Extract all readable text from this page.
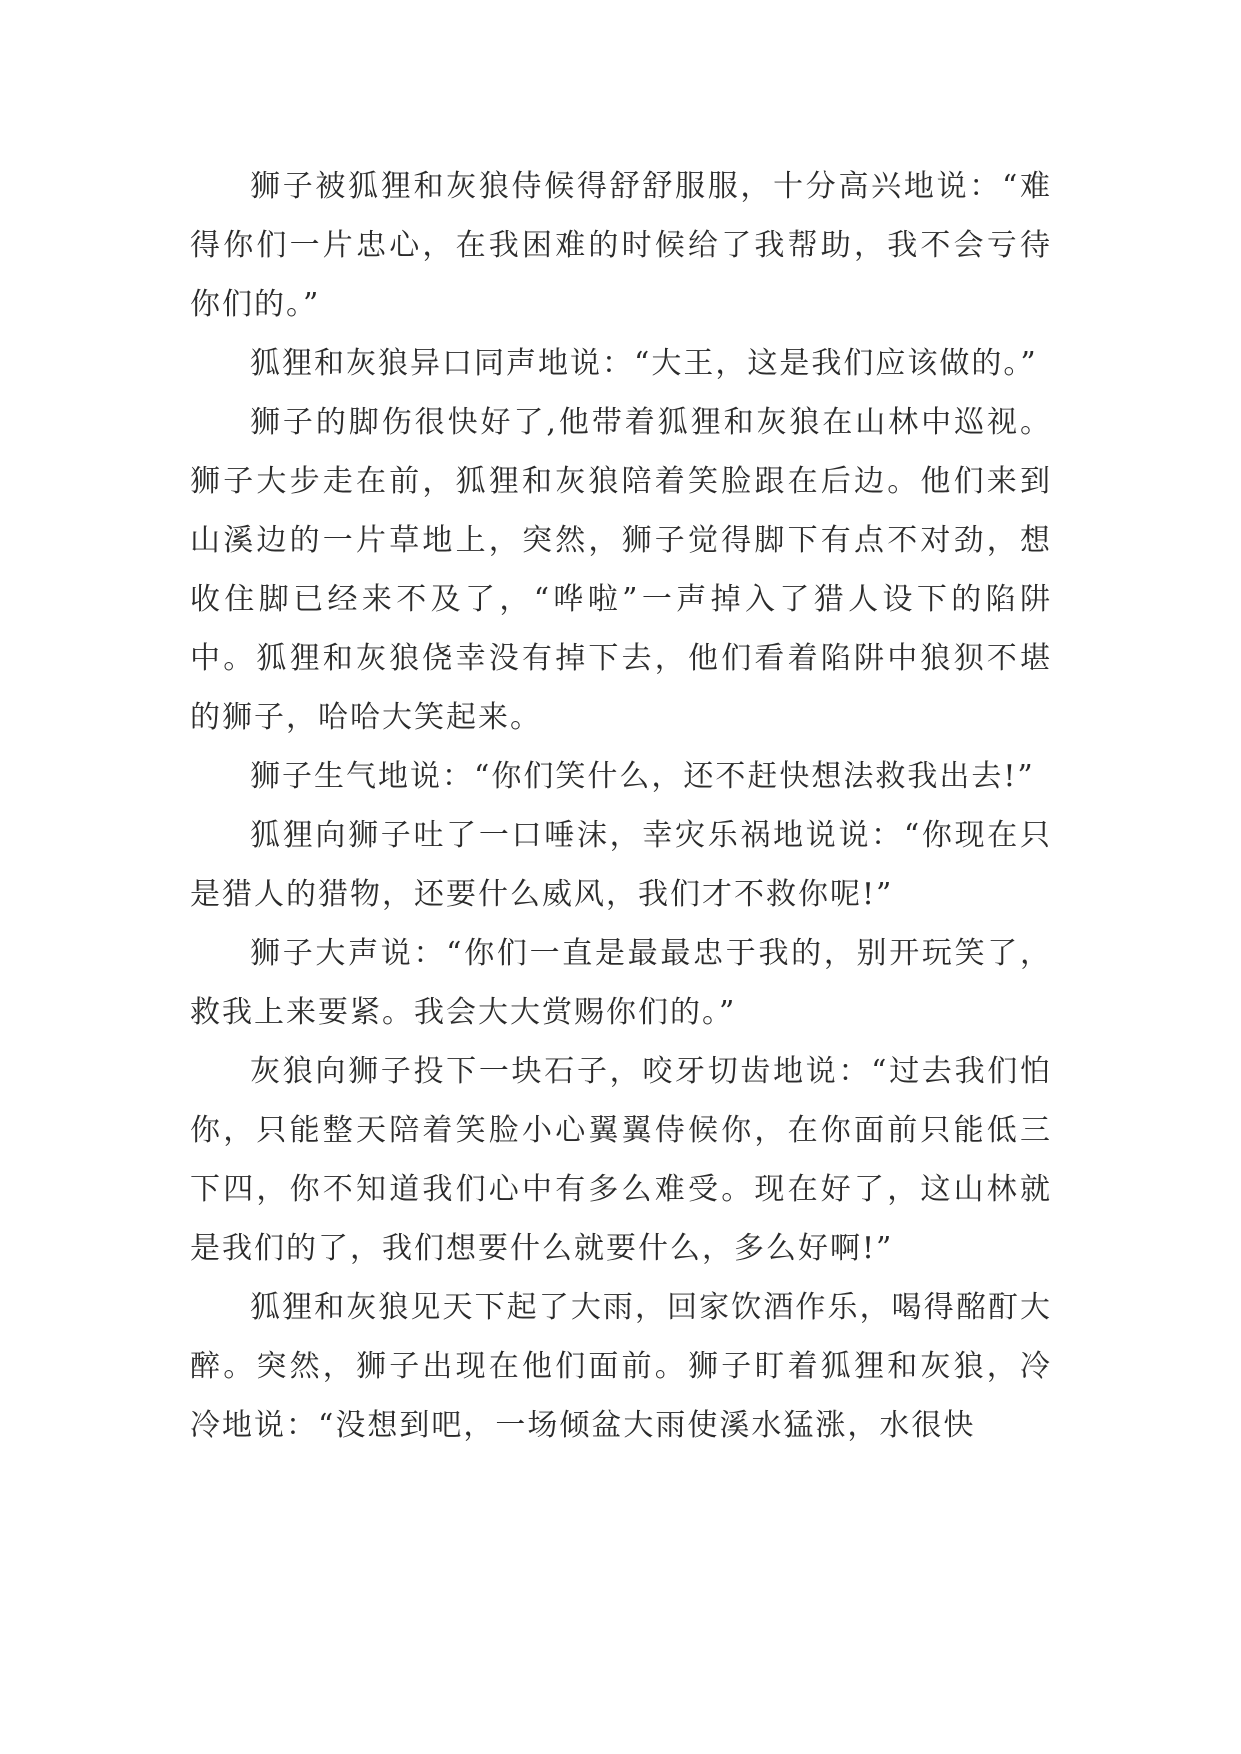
狮子被狐狸和灰狼侍候得舒舒服服，十分高兴地说：“难得你们一片忠心，在我困难的时候给了我帮助，我不会亏待你们的。”

狐狸和灰狼异口同声地说：“大王，这是我们应该做的。”

狮子的脚伤很快好了,他带着狐狸和灰狼在山林中巡视。狮子大步走在前，狐狸和灰狼陪着笑脸跟在后边。他们来到山溪边的一片草地上，突然，狮子觉得脚下有点不对劲，想收住脚已经来不及了，“哗啦”一声掉入了猎人设下的陷阱中。狐狸和灰狼侥幸没有掉下去，他们看着陷阱中狼狈不堪的狮子，哈哈大笑起来。

狮子生气地说：“你们笑什么，还不赶快想法救我出去!”

狐狸向狮子吐了一口唾沫，幸灾乐祸地说说：“你现在只是猎人的猎物，还要什么威风，我们才不救你呢!”

狮子大声说：“你们一直是最最忠于我的，别开玩笑了，救我上来要紧。我会大大赏赐你们的。”

灰狼向狮子投下一块石子，咬牙切齿地说：“过去我们怕你，只能整天陪着笑脸小心翼翼侍候你，在你面前只能低三下四，你不知道我们心中有多么难受。现在好了，这山林就是我们的了，我们想要什么就要什么，多么好啊!”

狐狸和灰狼见天下起了大雨，回家饮酒作乐，喝得酩酊大醉。突然，狮子出现在他们面前。狮子盯着狐狸和灰狼，冷冷地说：“没想到吧，一场倾盆大雨使溪水猛涨，水很快
